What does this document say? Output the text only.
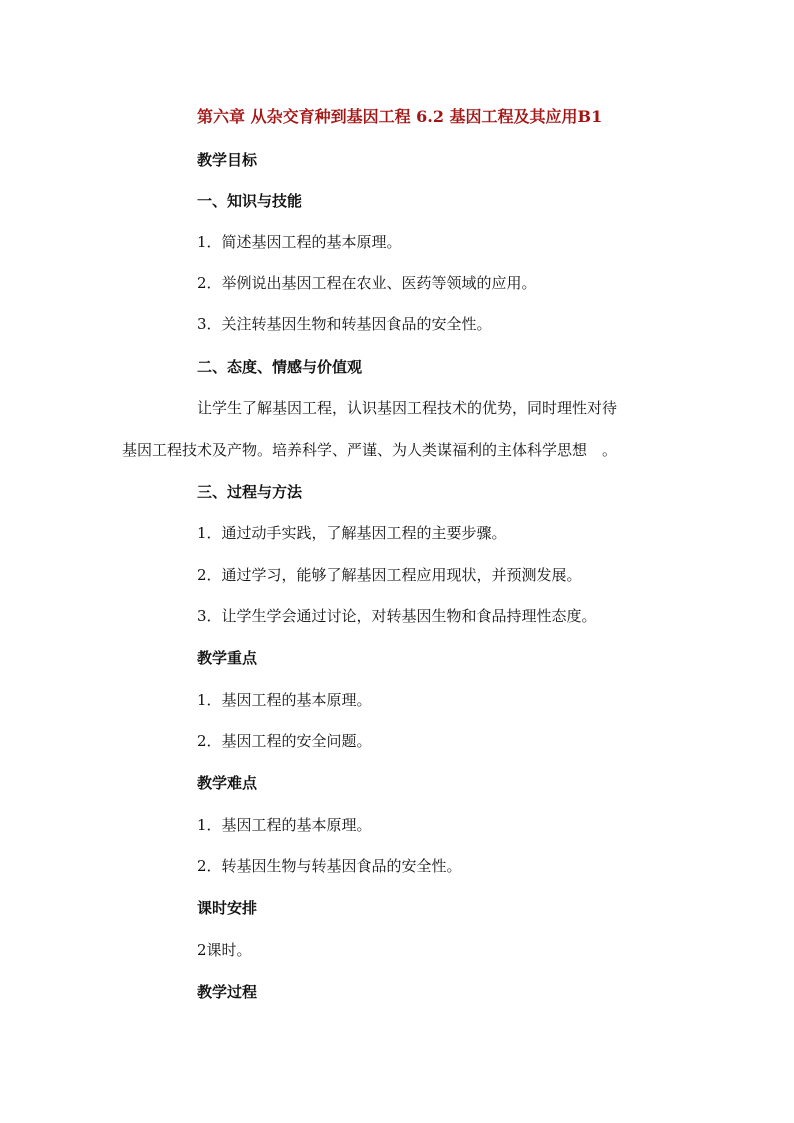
第六章 从杂交育种到基因工程 6.2 基因工程及其应用B1
教学目标
一、知识与技能
1．简述基因工程的基本原理。
2．举例说出基因工程在农业、医药等领域的应用。
3．关注转基因生物和转基因食品的安全性。
二、态度、情感与价值观
让学生了解基因工程，认识基因工程技术的优势，同时理性对待
基因工程技术及产物。培养科学、严谨、为人类谋福利的主体科学思想　。
三、过程与方法
1．通过动手实践，了解基因工程的主要步骤。
2．通过学习，能够了解基因工程应用现状，并预测发展。
3．让学生学会通过讨论，对转基因生物和食品持理性态度。
教学重点
1．基因工程的基本原理。
2．基因工程的安全问题。
教学难点
1．基因工程的基本原理。
2．转基因生物与转基因食品的安全性。
课时安排
2课时。
教学过程
